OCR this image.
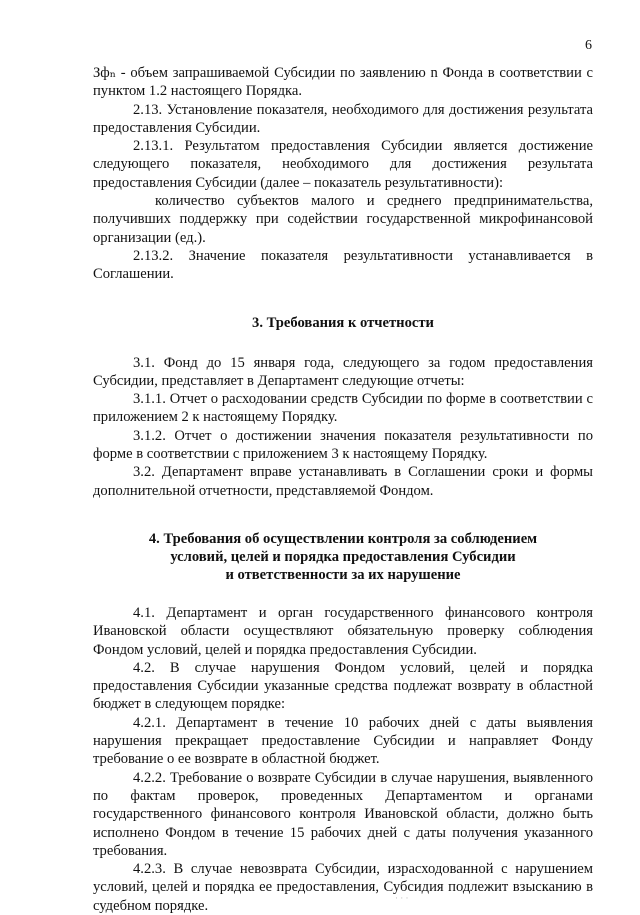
6

Зфₙ - объем запрашиваемой Субсидии по заявлению n Фонда в соответствии с пунктом 1.2 настоящего Порядка.

2.13. Установление показателя, необходимого для достижения результата предоставления Субсидии.

2.13.1. Результатом предоставления Субсидии является достижение следующего показателя, необходимого для достижения результата предоставления Субсидии (далее – показатель результативности):

количество субъектов малого и среднего предпринимательства, получивших поддержку при содействии государственной микрофинансовой организации (ед.).

2.13.2. Значение показателя результативности устанавливается в Соглашении.

3. Требования к отчетности

3.1. Фонд до 15 января года, следующего за годом предоставления Субсидии, представляет в Департамент следующие отчеты:

3.1.1. Отчет о расходовании средств Субсидии по форме в соответствии с приложением 2 к настоящему Порядку.

3.1.2. Отчет о достижении значения показателя результативности по форме в соответствии с приложением 3 к настоящему Порядку.

3.2. Департамент вправе устанавливать в Соглашении сроки и формы дополнительной отчетности, представляемой Фондом.

4. Требования об осуществлении контроля за соблюдением
условий, целей и порядка предоставления Субсидии
и ответственности за их нарушение

4.1. Департамент и орган государственного финансового контроля Ивановской области осуществляют обязательную проверку соблюдения Фондом условий, целей и порядка предоставления Субсидии.

4.2. В случае нарушения Фондом условий, целей и порядка предоставления Субсидии указанные средства подлежат возврату в областной бюджет в следующем порядке:

4.2.1. Департамент в течение 10 рабочих дней с даты выявления нарушения прекращает предоставление Субсидии и направляет Фонду требование о ее возврате в областной бюджет.

4.2.2. Требование о возврате Субсидии в случае нарушения, выявленного по фактам проверок, проведенных Департаментом и органами государственного финансового контроля Ивановской области, должно быть исполнено Фондом в течение 15 рабочих дней с даты получения указанного требования.

4.2.3. В случае невозврата Субсидии, израсходованной с нарушением условий, целей и порядка ее предоставления, Субсидия подлежит взысканию в судебном порядке.	· · ·
